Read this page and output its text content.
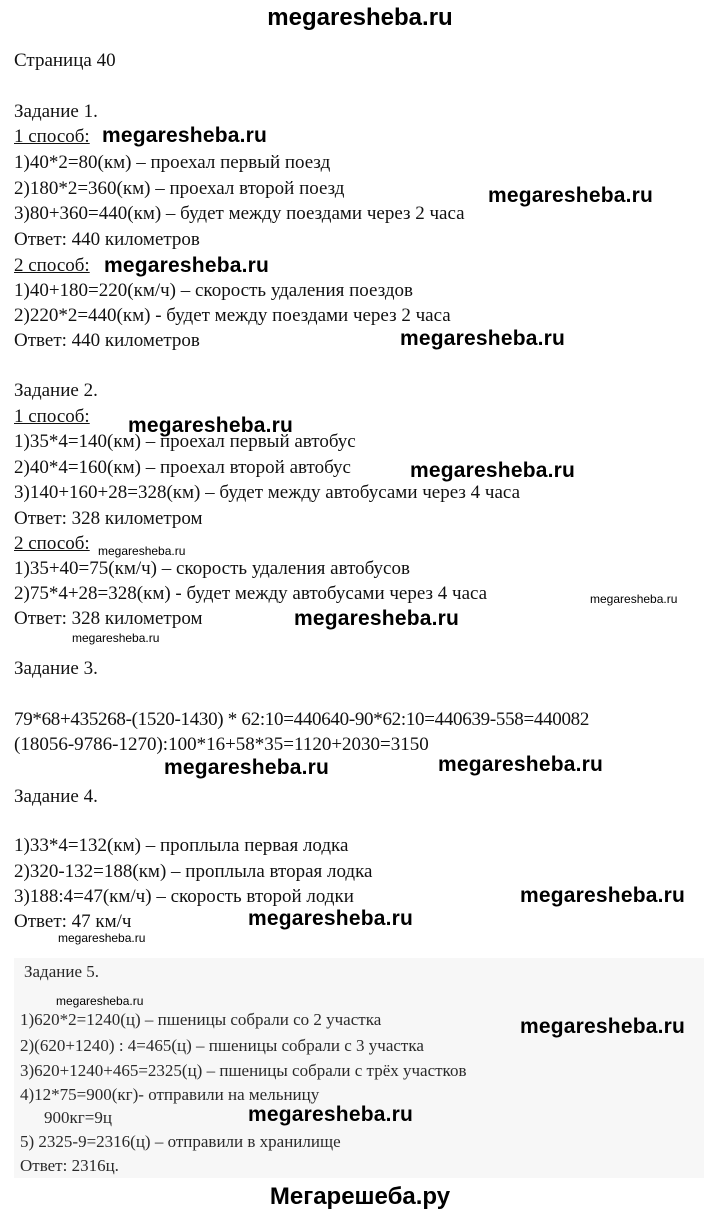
megaresheba.ru
Страница 40
Задание 1.
1 способ:
1)40*2=80(км) – проехал первый поезд
2)180*2=360(км) – проехал второй поезд
3)80+360=440(км) – будет между поездами через 2 часа
Ответ: 440 километров
2 способ:
1)40+180=220(км/ч) – скорость удаления поездов
2)220*2=440(км) - будет между поездами через 2 часа
Ответ: 440 километров
Задание 2.
1 способ:
1)35*4=140(км) – проехал первый автобус
2)40*4=160(км) – проехал второй автобус
3)140+160+28=328(км) – будет между автобусами через 4 часа
Ответ: 328 километром
2 способ:
1)35+40=75(км/ч) – скорость удаления автобусов
2)75*4+28=328(км) - будет между автобусами через 4 часа
Ответ: 328 километром
Задание 3.
79*68+435268-(1520-1430) * 62:10=440640-90*62:10=440639-558=440082
(18056-9786-1270):100*16+58*35=1120+2030=3150
Задание 4.
1)33*4=132(км) – проплыла первая лодка
2)320-132=188(км) – проплыла вторая лодка
3)188:4=47(км/ч) – скорость второй лодки
Ответ: 47 км/ч
Задание 5.
1)620*2=1240(ц) – пшеницы собрали со 2 участка
2)(620+1240) : 4=465(ц) – пшеницы собрали с 3 участка
3)620+1240+465=2325(ц) – пшеницы собрали с трёх участков
4)12*75=900(кг)- отправили на мельницу
900кг=9ц
5) 2325-9=2316(ц) – отправили в хранилище
Ответ: 2316ц.
megaresheba.ru
megaresheba.ru
megaresheba.ru
megaresheba.ru
megaresheba.ru
megaresheba.ru
megaresheba.ru
megaresheba.ru	megaresheba.ru
megaresheba.ru
megaresheba.ru
megaresheba.ru
megaresheba.ru
megaresheba.ru
megaresheba.ru
megaresheba.ru
megaresheba.ru
megaresheba.ru
Мегарешеба.ру
